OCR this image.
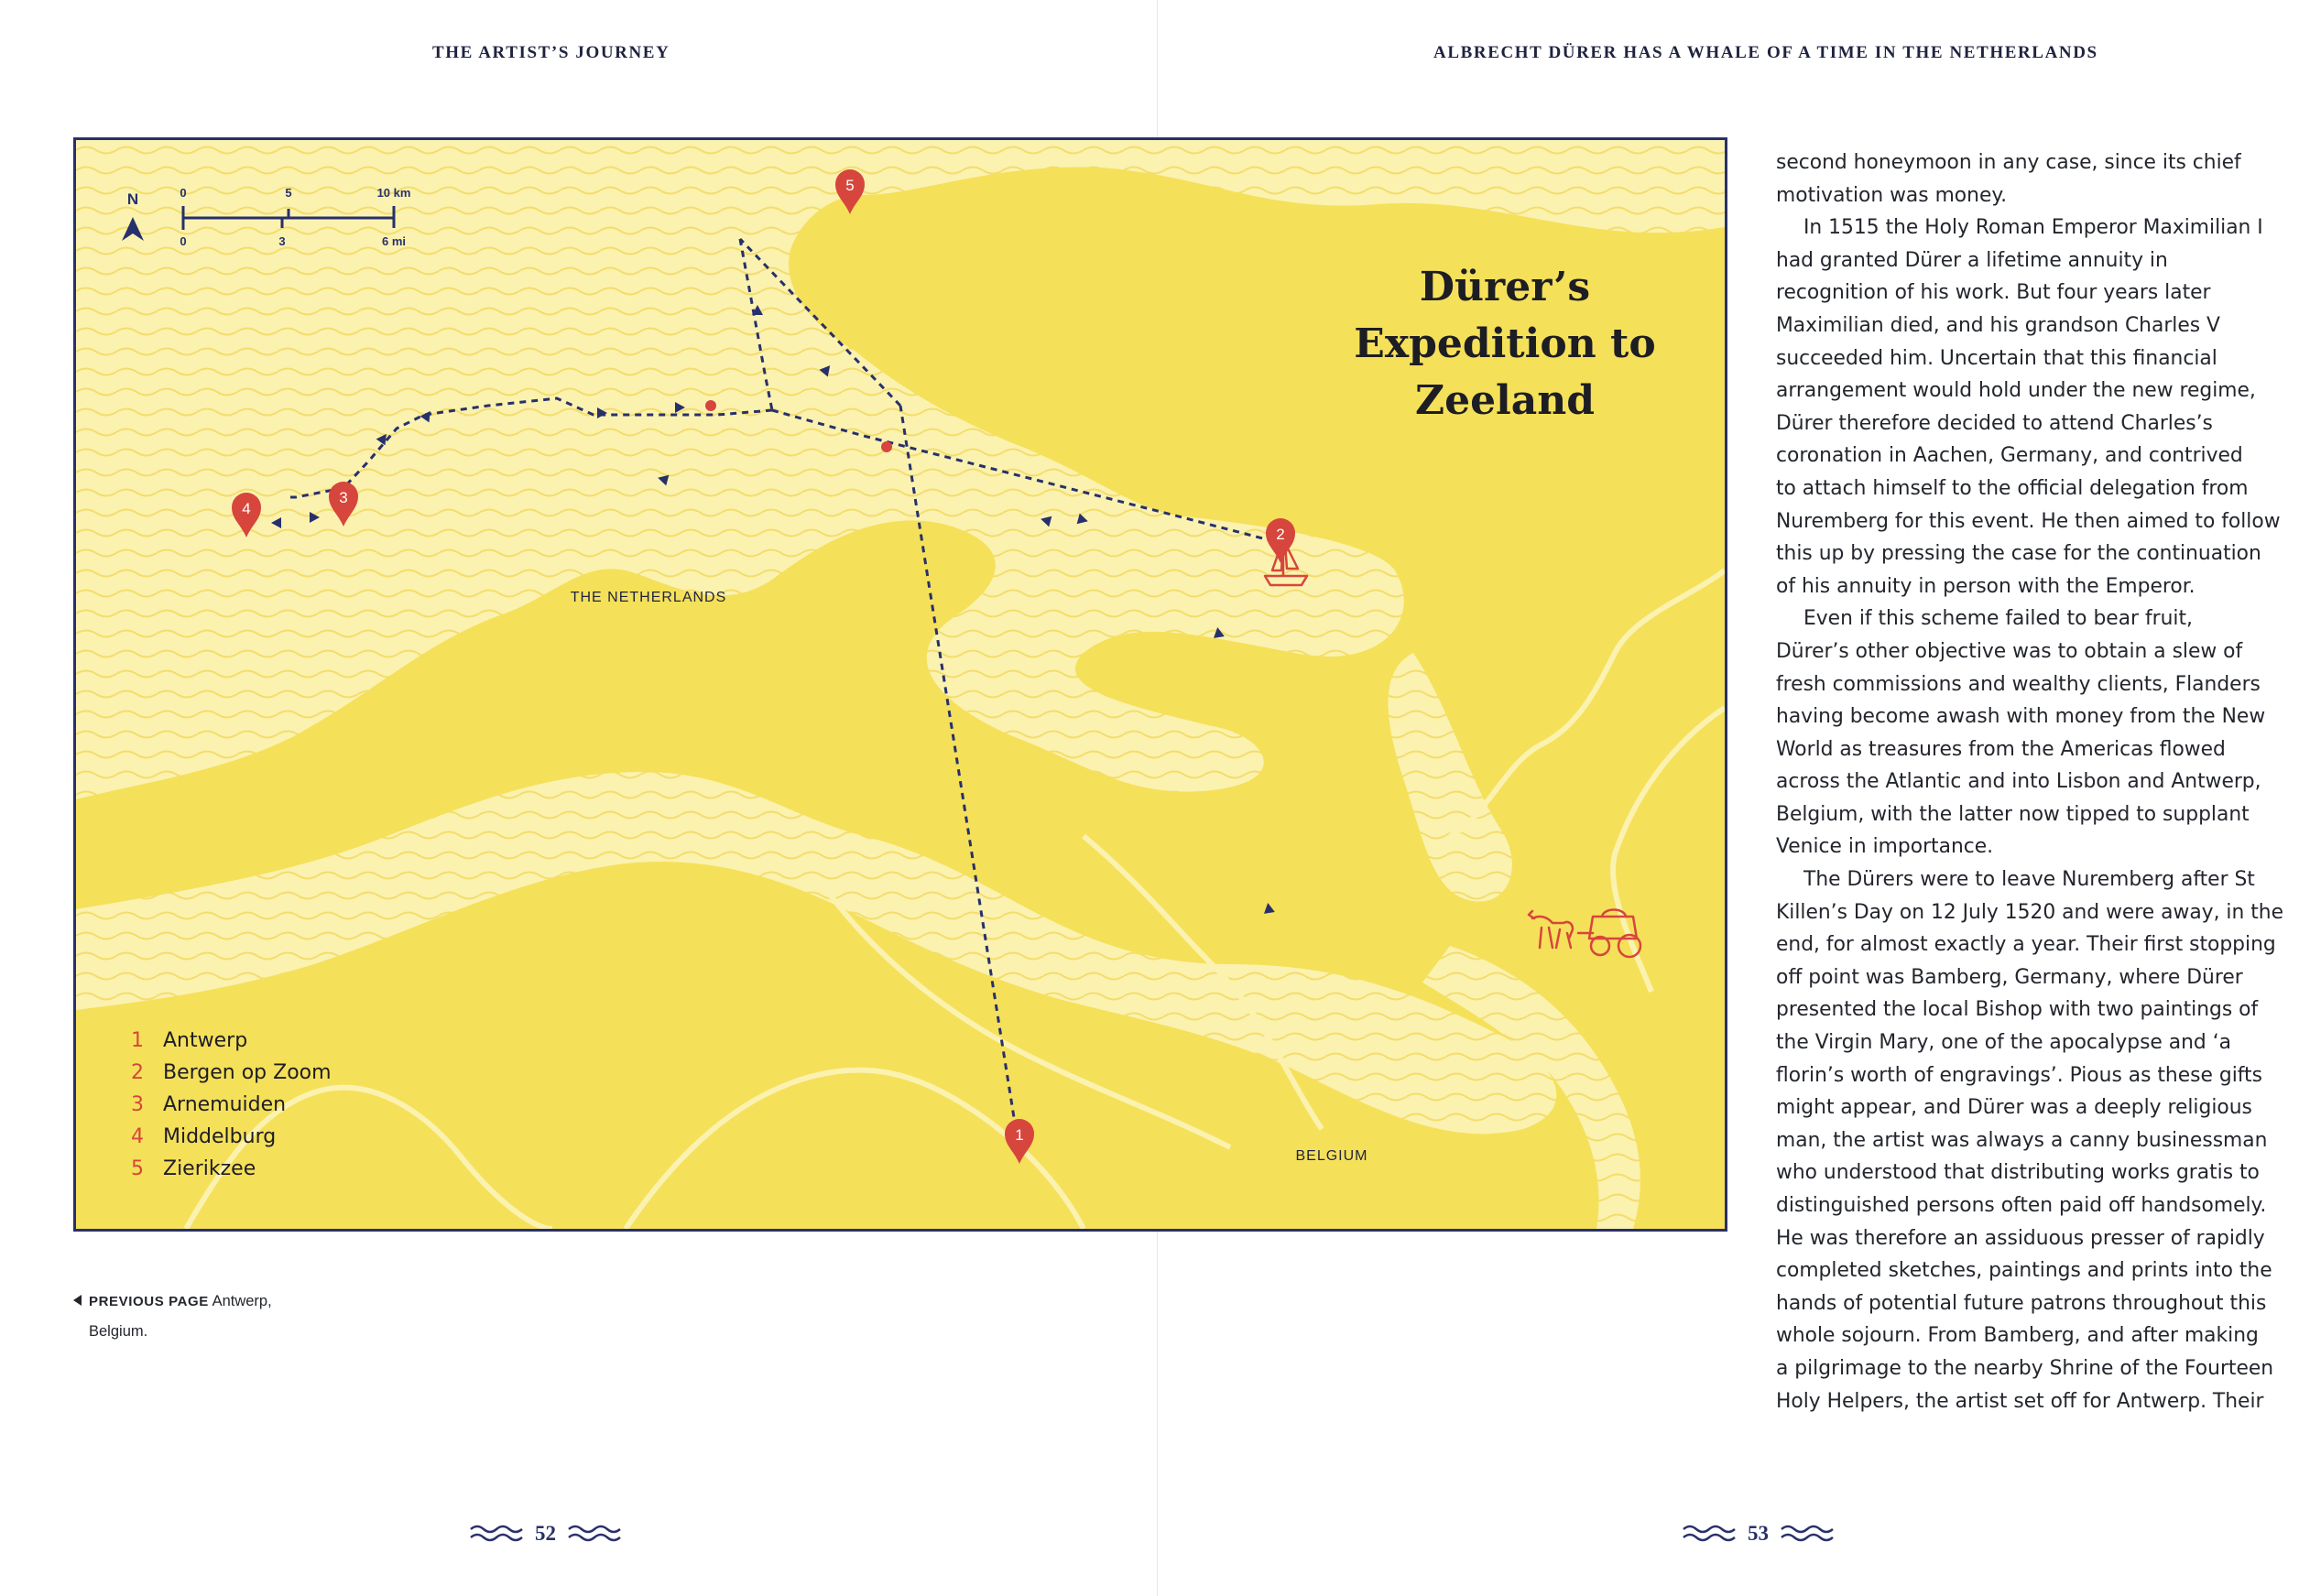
THE ARTIST’S JOURNEY	ALBRECHT DÜRER HAS A WHALE OF A TIME IN THE NETHERLANDS
1
2
3
4
5
THE NETHERLANDS
BELGIUM
N	0	5	10 km
0	3	6 mi
1 Antwerp
2 Bergen op Zoom
3 Arnemuiden
4 Middelburg
5 Zierikzee
Dürer’s
Expedition to
Zeeland
PREVIOUS PAGE Antwerp,
Belgium.
second honeymoon in any case, since its chief
motivation was money.
In 1515 the Holy Roman Emperor Maximilian I
had granted Dürer a lifetime annuity in
recognition of his work. But four years later
Maximilian died, and his grandson Charles V
succeeded him. Uncertain that this financial
arrangement would hold under the new regime,
Dürer therefore decided to attend Charles’s
coronation in Aachen, Germany, and contrived
to attach himself to the official delegation from
Nuremberg for this event. He then aimed to follow
this up by pressing the case for the continuation
of his annuity in person with the Emperor.
Even if this scheme failed to bear fruit,
Dürer’s other objective was to obtain a slew of
fresh commissions and wealthy clients, Flanders
having become awash with money from the New
World as treasures from the Americas flowed
across the Atlantic and into Lisbon and Antwerp,
Belgium, with the latter now tipped to supplant
Venice in importance.
The Dürers were to leave Nuremberg after St
Killen’s Day on 12 July 1520 and were away, in the
end, for almost exactly a year. Their first stopping
off point was Bamberg, Germany, where Dürer
presented the local Bishop with two paintings of
the Virgin Mary, one of the apocalypse and ‘a
florin’s worth of engravings’. Pious as these gifts
might appear, and Dürer was a deeply religious
man, the artist was always a canny businessman
who understood that distributing works gratis to
distinguished persons often paid off handsomely.
He was therefore an assiduous presser of rapidly
completed sketches, paintings and prints into the
hands of potential future patrons throughout this
whole sojourn. From Bamberg, and after making
a pilgrimage to the nearby Shrine of the Fourteen
Holy Helpers, the artist set off for Antwerp. Their
52	53
